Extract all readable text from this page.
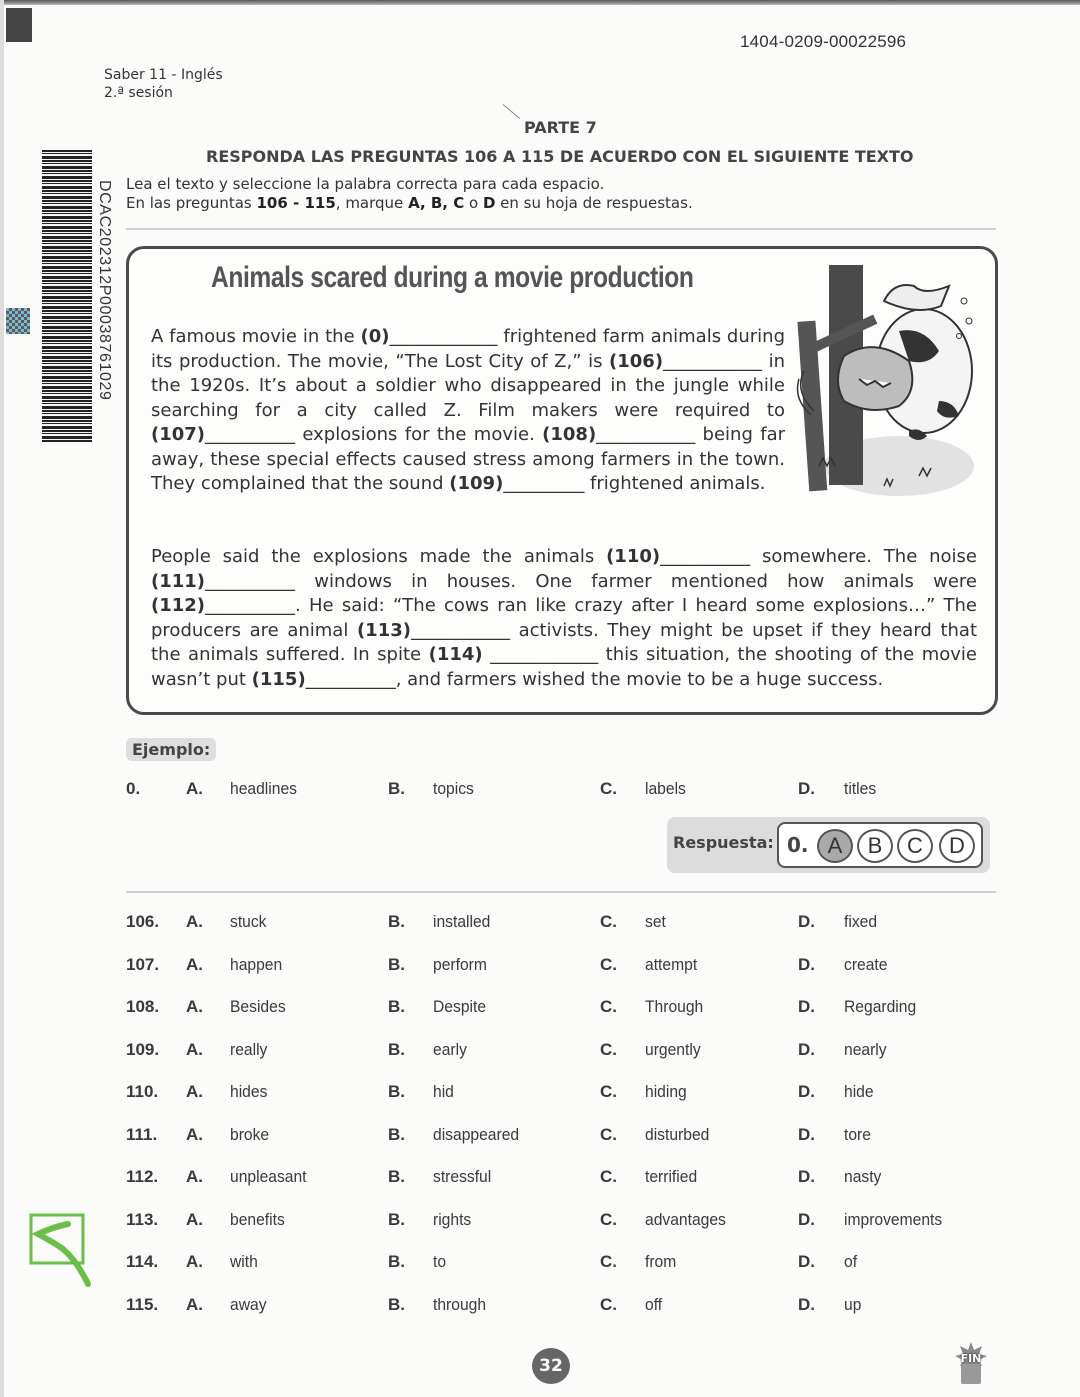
1404-0209-00022596
Saber 11 - Inglés
2.ª sesión
DCAC202312P00038761029
PARTE 7
RESPONDA LAS PREGUNTAS 106 A 115 DE ACUERDO CON EL SIGUIENTE TEXTO
Lea el texto y seleccione la palabra correcta para cada espacio.
En las preguntas 106 - 115, marque A, B, C o D en su hoja de respuestas.
Animals scared during a movie production
A famous movie in the (0)____________ frightened farm animals during its production. The movie, “The Lost City of Z,” is (106)___________ in the 1920s. It’s about a soldier who disappeared in the jungle while searching for a city called Z. Film makers were required to (107)__________ explosions for the movie. (108)___________ being far away, these special effects caused stress among farmers in the town. They complained that the sound (109)_________ frightened animals.
People said the explosions made the animals (110)__________ somewhere. The noise (111)__________ windows in houses. One farmer mentioned how animals were (112)__________. He said: “The cows ran like crazy after I heard some explosions…” The producers are animal (113)___________ activists. They might be upset if they heard that the animals suffered. In spite (114) ____________ this situation, the shooting of the movie wasn’t put (115)__________, and farmers wished the movie to be a huge success.
Ejemplo:
0.	A. headlines	B. topics	C. labels	D. titles
Respuesta: 0. A	B	C	D
106. A. stuck	B. installed	C. set	D. fixed
107. A. happen	B. perform	C. attempt	D. create
108. A. Besides	B. Despite	C. Through	D. Regarding
109. A. really	B. early	C. urgently	D. nearly
110. A. hides	B. hid	C. hiding	D. hide
111. A. broke	B. disappeared	C. disturbed	D. tore
112. A. unpleasant	B. stressful	C. terrified	D. nasty
113. A. benefits	B. rights	C. advantages	D. improvements
114. A. with	B. to	C. from	D. of
115. A. away	B. through	C. off	D. up
32	FIN
